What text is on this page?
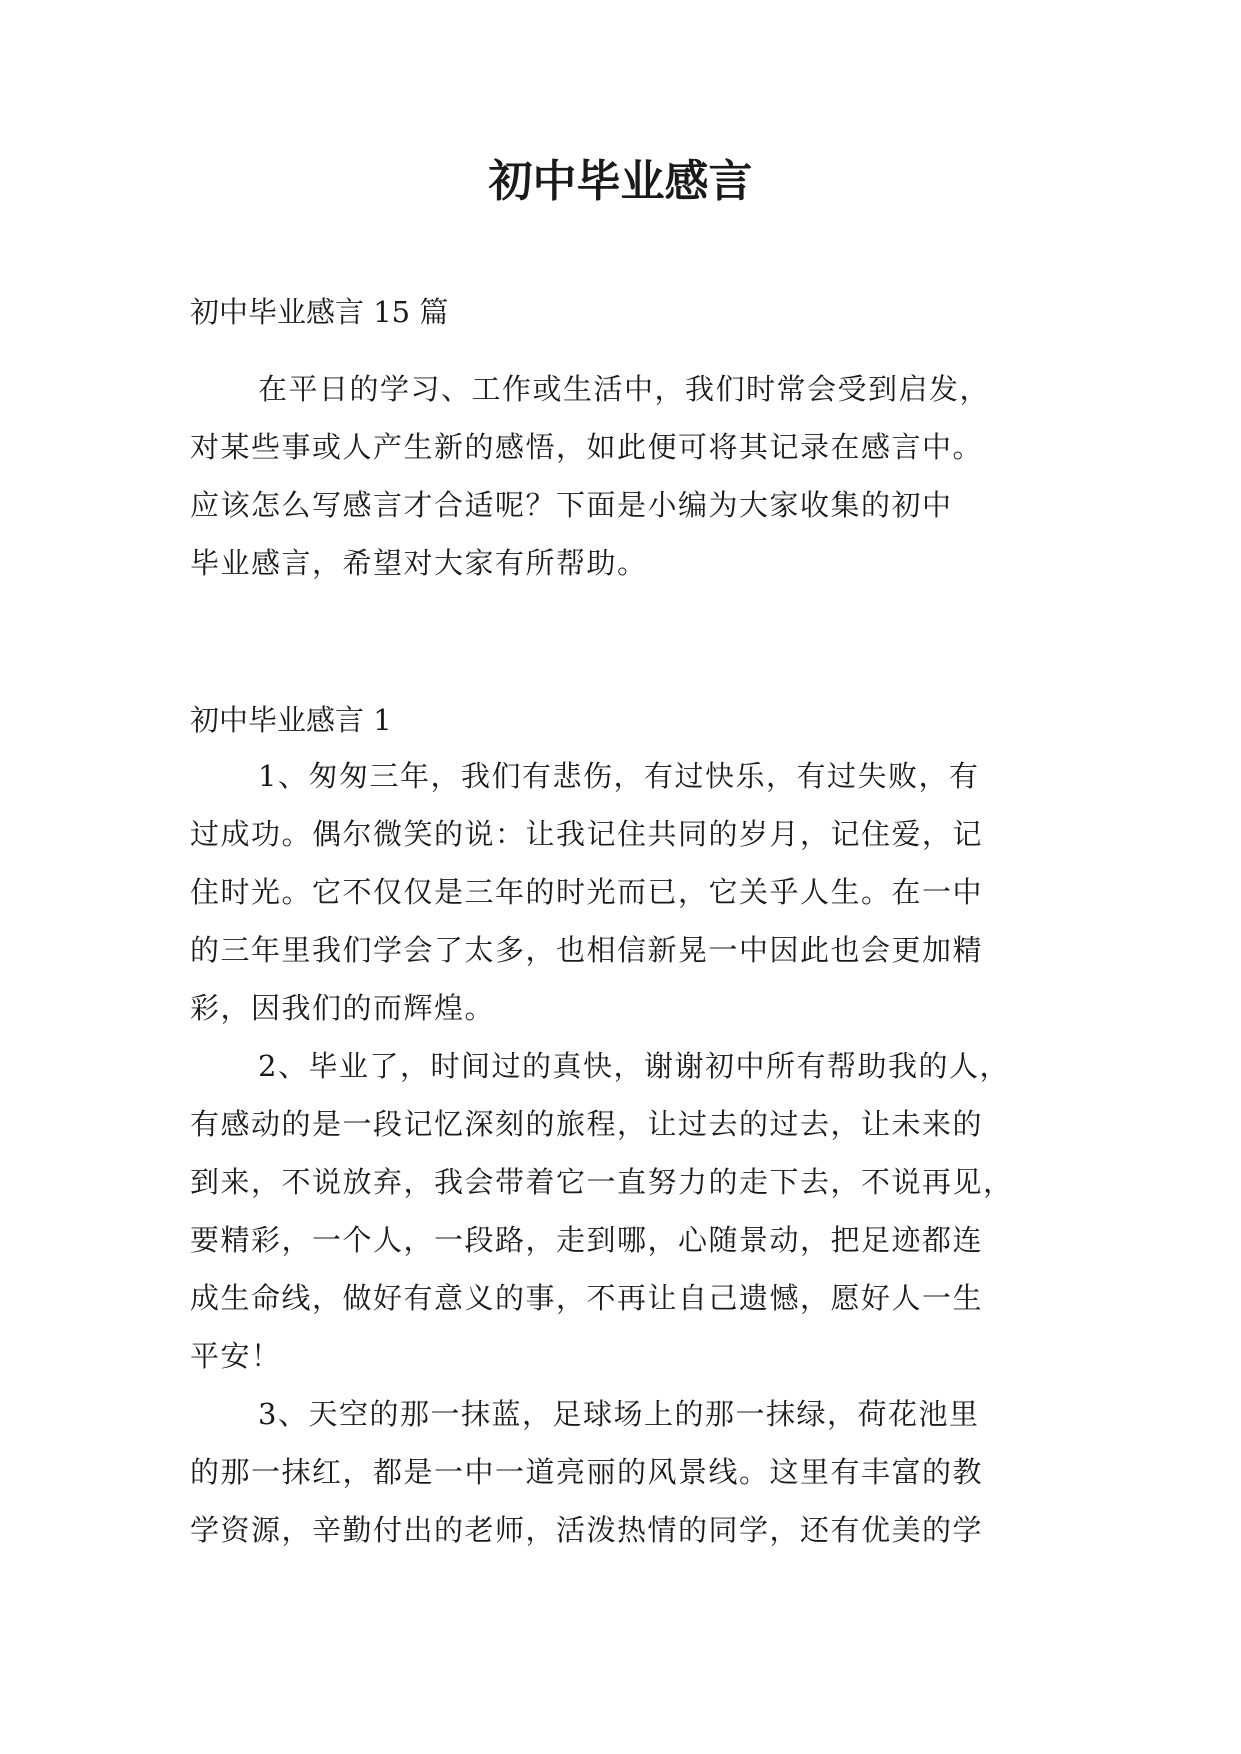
初中毕业感言

初中毕业感言 15 篇

在平日的学习、工作或生活中，我们时常会受到启发，
对某些事或人产生新的感悟，如此便可将其记录在感言中。
应该怎么写感言才合适呢？下面是小编为大家收集的初中
毕业感言，希望对大家有所帮助。

初中毕业感言 1

1、匆匆三年，我们有悲伤，有过快乐，有过失败，有
过成功。偶尔微笑的说：让我记住共同的岁月，记住爱，记
住时光。它不仅仅是三年的时光而已，它关乎人生。在一中
的三年里我们学会了太多，也相信新晃一中因此也会更加精
彩，因我们的而辉煌。
2、毕业了，时间过的真快，谢谢初中所有帮助我的人，
有感动的是一段记忆深刻的旅程，让过去的过去，让未来的
到来，不说放弃，我会带着它一直努力的走下去，不说再见，
要精彩，一个人，一段路，走到哪，心随景动，把足迹都连
成生命线，做好有意义的事，不再让自己遗憾，愿好人一生
平安！
3、天空的那一抹蓝，足球场上的那一抹绿，荷花池里
的那一抹红，都是一中一道亮丽的风景线。这里有丰富的教
学资源，辛勤付出的老师，活泼热情的同学，还有优美的学
